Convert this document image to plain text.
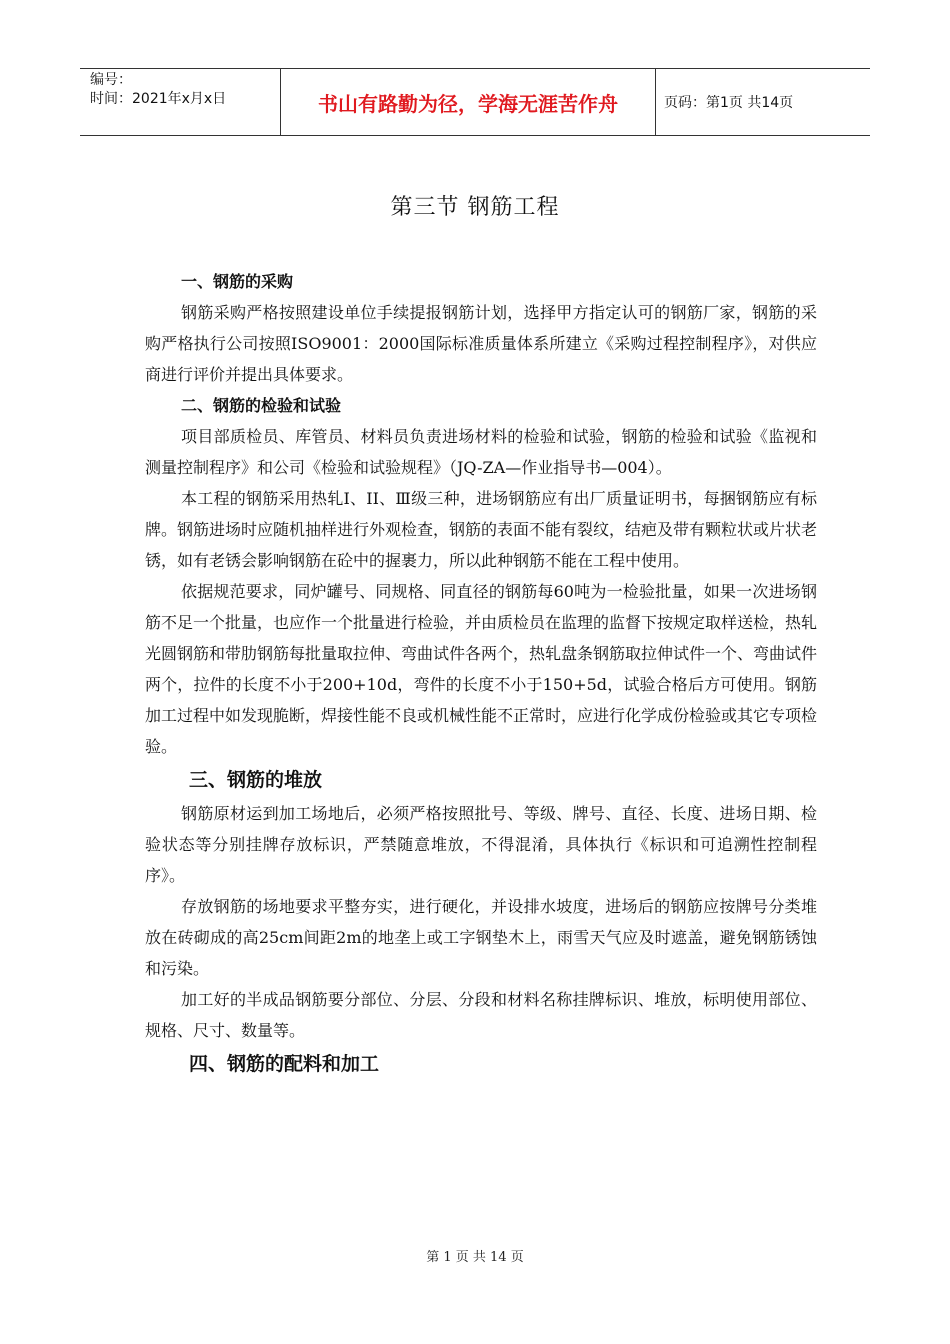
编号：
时间：2021年x月x日	书山有路勤为径，学海无涯苦作舟	页码：第1页 共14页
第三节 钢筋工程
一、钢筋的采购

钢筋采购严格按照建设单位手续提报钢筋计划，选择甲方指定认可的钢筋厂家，钢筋的采购严格执行公司按照ISO9001：2000国际标准质量体系所建立《采购过程控制程序》，对供应商进行评价并提出具体要求。

二、钢筋的检验和试验

项目部质检员、库管员、材料员负责进场材料的检验和试验，钢筋的检验和试验《监视和测量控制程序》和公司《检验和试验规程》（JQ-ZA—作业指导书—004）。

本工程的钢筋采用热轧Ⅰ、II、Ⅲ级三种，进场钢筋应有出厂质量证明书，每捆钢筋应有标牌。钢筋进场时应随机抽样进行外观检查，钢筋的表面不能有裂纹，结疤及带有颗粒状或片状老锈，如有老锈会影响钢筋在砼中的握裹力，所以此种钢筋不能在工程中使用。

依据规范要求，同炉罐号、同规格、同直径的钢筋每60吨为一检验批量，如果一次进场钢筋不足一个批量，也应作一个批量进行检验，并由质检员在监理的监督下按规定取样送检，热轧光圆钢筋和带肋钢筋每批量取拉伸、弯曲试件各两个，热轧盘条钢筋取拉伸试件一个、弯曲试件两个，拉件的长度不小于200+10d，弯件的长度不小于150+5d，试验合格后方可使用。钢筋加工过程中如发现脆断，焊接性能不良或机械性能不正常时，应进行化学成份检验或其它专项检验。

三、钢筋的堆放

钢筋原材运到加工场地后，必须严格按照批号、等级、牌号、直径、长度、进场日期、检验状态等分别挂牌存放标识，严禁随意堆放，不得混淆，具体执行《标识和可追溯性控制程序》。

存放钢筋的场地要求平整夯实，进行硬化，并设排水坡度，进场后的钢筋应按牌号分类堆放在砖砌成的高25cm间距2m的地垄上或工字钢垫木上，雨雪天气应及时遮盖，避免钢筋锈蚀和污染。

加工好的半成品钢筋要分部位、分层、分段和材料名称挂牌标识、堆放，标明使用部位、规格、尺寸、数量等。

四、钢筋的配料和加工
第 1 页 共 14 页
